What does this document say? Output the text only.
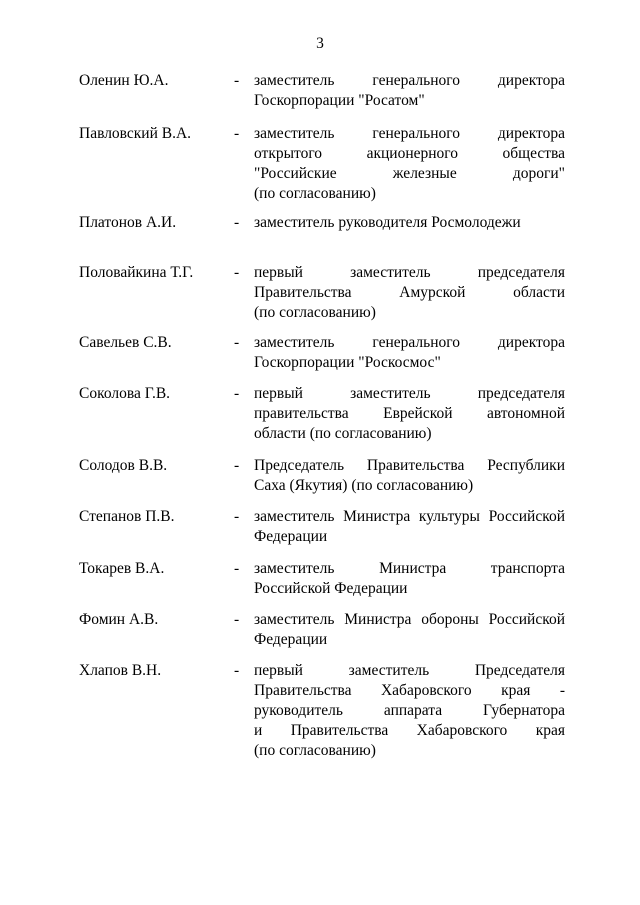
3
Оленин Ю.А.	- заместитель генерального директора
Госкорпорации "Росатом"
Павловский В.А.	- заместитель генерального директора
открытого акционерного общества
"Российские железные дороги"
(по согласованию)
Платонов А.И.	- заместитель руководителя Росмолодежи
Половайкина Т.Г.	- первый заместитель председателя
Правительства Амурской области
(по согласованию)
Савельев С.В.	- заместитель генерального директора
Госкорпорации "Роскосмос"
Соколова Г.В.	- первый заместитель председателя
правительства Еврейской автономной
области (по согласованию)
Солодов В.В.	- Председатель Правительства Республики
Саха (Якутия) (по согласованию)
Степанов П.В.	- заместитель Министра культуры Российской
Федерации
Токарев В.А.	- заместитель Министра транспорта
Российской Федерации
Фомин А.В.	- заместитель Министра обороны Российской
Федерации
Хлапов В.Н.	- первый заместитель Председателя
Правительства Хабаровского края -
руководитель аппарата Губернатора
и Правительства Хабаровского края
(по согласованию)
